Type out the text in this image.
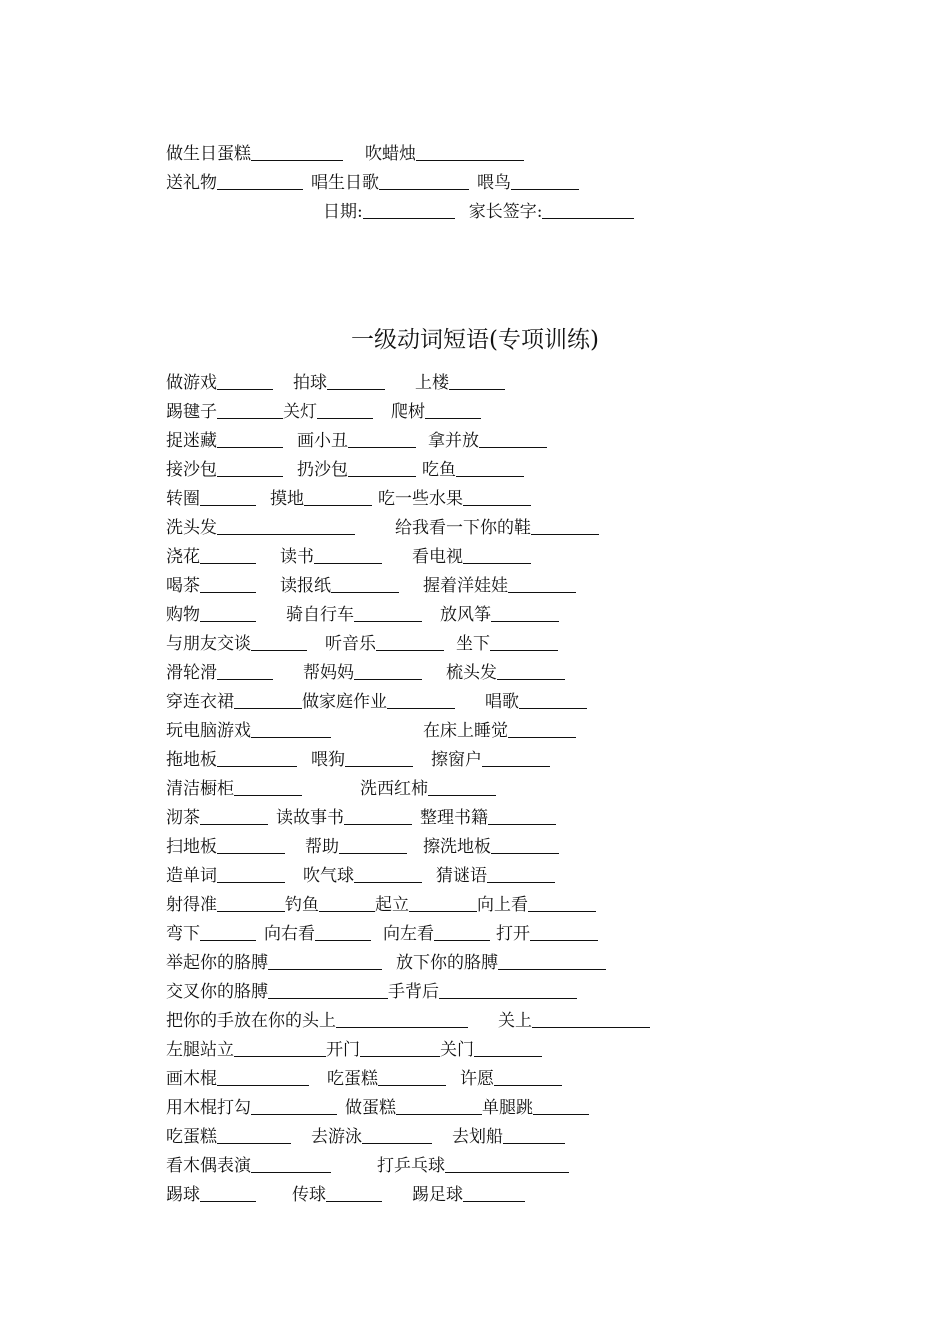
做生日蛋糕	吹蜡烛
送礼物	唱生日歌	喂鸟
日期:	家长签字:
一级动词短语(专项训练)
做游戏	拍球	上楼
踢毽子	关灯	爬树
捉迷藏	画小丑	拿并放
接沙包	扔沙包	吃鱼
转圈	摸地	吃一些水果
洗头发	给我看一下你的鞋
浇花	读书	看电视
喝茶	读报纸	握着洋娃娃
购物	骑自行车	放风筝
与朋友交谈	听音乐	坐下
滑轮滑	帮妈妈	梳头发
穿连衣裙	做家庭作业	唱歌
玩电脑游戏	在床上睡觉
拖地板	喂狗	擦窗户
清洁橱柜	洗西红柿
沏茶	读故事书	整理书籍
扫地板	帮助	擦洗地板
造单词	吹气球	猜谜语
射得准	钓鱼	起立	向上看
弯下	向右看	向左看	打开
举起你的胳膊	放下你的胳膊
交叉你的胳膊	手背后
把你的手放在你的头上	关上
左腿站立	开门	关门
画木棍	吃蛋糕	许愿
用木棍打勾	做蛋糕	单腿跳
吃蛋糕	去游泳	去划船
看木偶表演	打乒乓球
踢球	传球	踢足球
